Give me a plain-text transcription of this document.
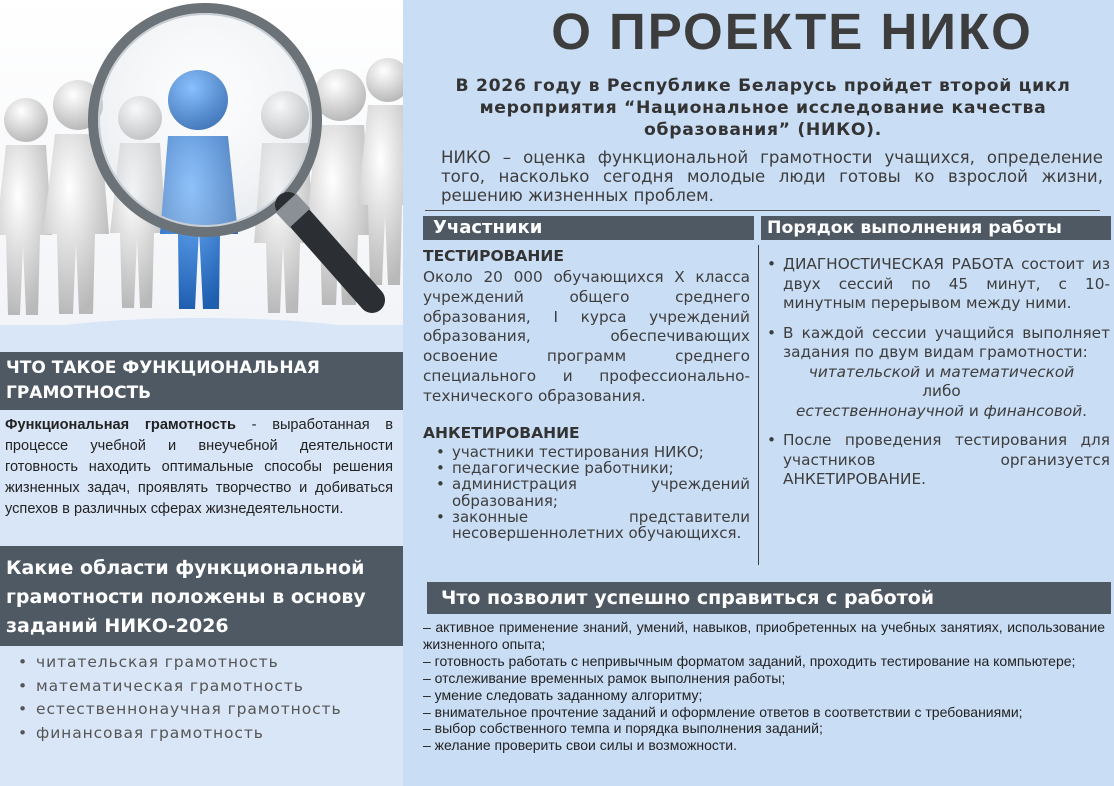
ЧТО ТАКОЕ ФУНКЦИОНАЛЬНАЯ ГРАМОТНОСТЬ
Функциональная грамотность - выработанная в процессе учебной и внеучебной деятельности готовность находить оптимальные способы решения жизненных задач, проявлять творчество и добиваться успехов в различных сферах жизнедеятельности.
Какие области функциональной грамотности положены в основу заданий НИКО-2026
• читательская грамотность
• математическая грамотность
• естественнонаучная грамотность
• финансовая грамотность
О ПРОЕКТЕ НИКО
В 2026 году в Республике Беларусь пройдет второй цикл мероприятия “Национальное исследование качества образования” (НИКО).
НИКО – оценка функциональной грамотности учащихся, определение того, насколько сегодня молодые люди готовы ко взрослой жизни, решению жизненных проблем.
Участники	Порядок выполнения работы
ТЕСТИРОВАНИЕ
Около 20 000 обучающихся X класса учреждений общего среднего образования, I курса учреждений образования, обеспечивающих освоение программ среднего специального и профессионально-технического образования.
АНКЕТИРОВАНИЕ
• участники тестирования НИКО;
• педагогические работники;
• администрация учреждений образования;
• законные представители несовершеннолетних обучающихся.
• ДИАГНОСТИЧЕСКАЯ РАБОТА состоит из двух сессий по 45 минут, с 10-минутным перерывом между ними.
• В каждой сессии учащийся выполняет задания по двум видам грамотности:
читательской и математической
либо
естественнонаучной и финансовой.
• После проведения тестирования для участников организуется АНКЕТИРОВАНИЕ.
Что позволит успешно справиться с работой

– активное применение знаний, умений, навыков, приобретенных на учебных занятиях, использование жизненного опыта;

– готовность работать с непривычным форматом заданий, проходить тестирование на компьютере;

– отслеживание временных рамок выполнения работы;

– умение следовать заданному алгоритму;

– внимательное прочтение заданий и оформление ответов в соответствии с требованиями;

– выбор собственного темпа и порядка выполнения заданий;

– желание проверить свои силы и возможности.
